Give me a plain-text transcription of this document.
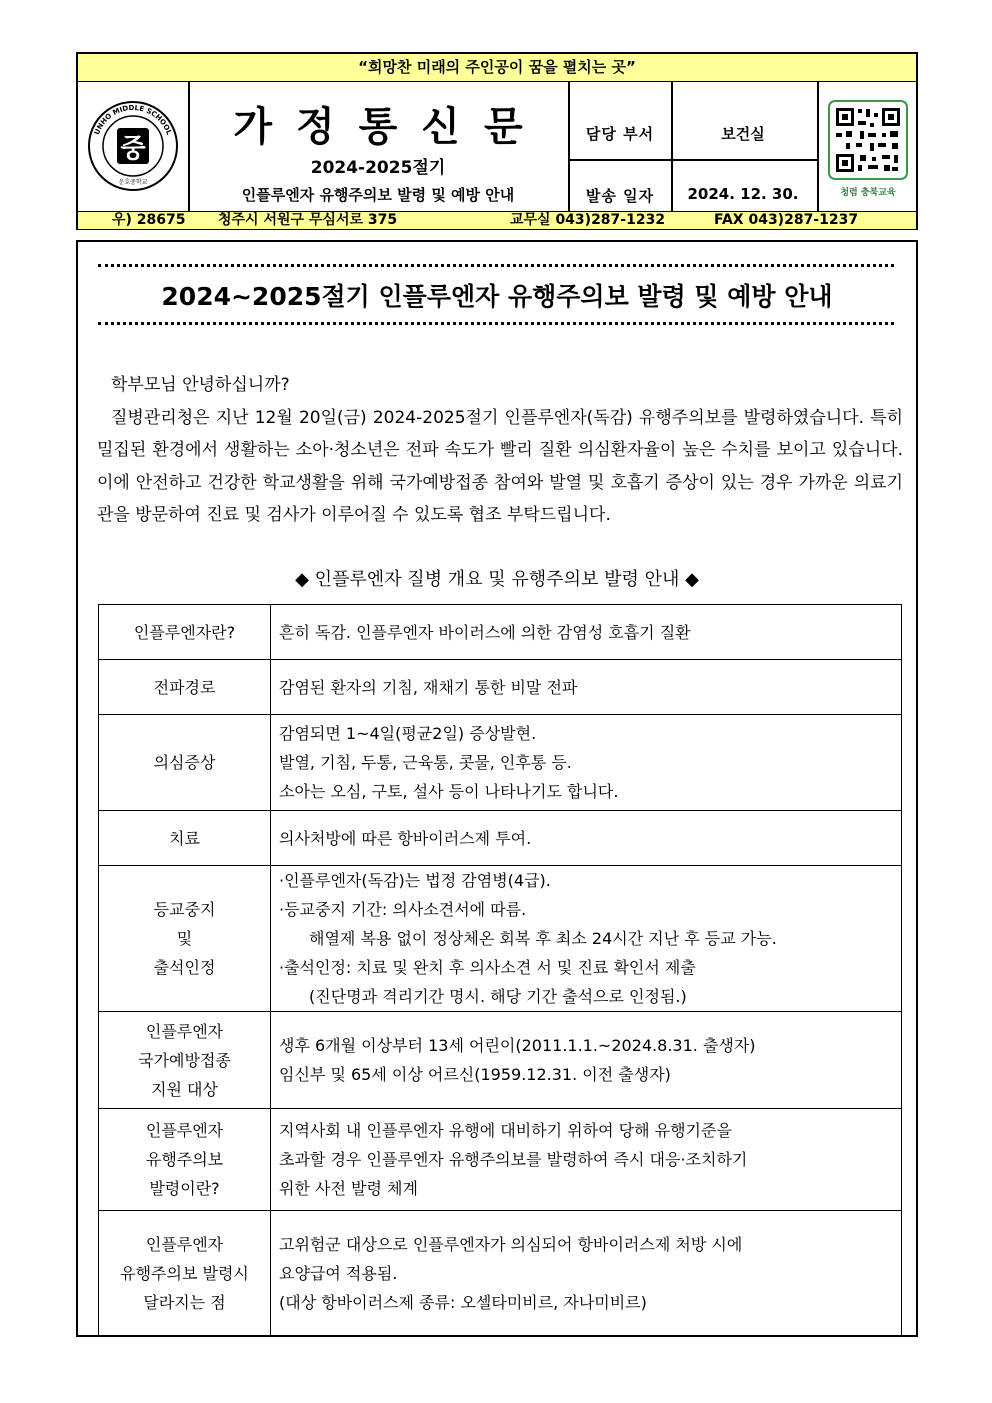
“희망찬 미래의 주인공이 꿈을 펼치는 곳”
UNHO MIDDLE SCHOOL
운호중학교
중	가정통신문
2024-2025절기
인플루엔자 유행주의보 발령 및 예방 안내
담당 부서	보건실
발송 일자	2024. 12. 30.	청렴 충북교육
우) 28675 청주시 서원구 무심서로 375	교무실 043)287-1232	FAX 043)287-1237
2024~2025절기 인플루엔자 유행주의보 발령 및 예방 안내

학부모님 안녕하십니까?

질병관리청은 지난 12월 20일(금) 2024-2025절기 인플루엔자(독감) 유행주의보를 발령하였습니다. 특히 밀집된 환경에서 생활하는 소아·청소년은 전파 속도가 빨리 질환 의심환자율이 높은 수치를 보이고 있습니다. 이에 안전하고 건강한 학교생활을 위해 국가예방접종 참여와 발열 및 호흡기 증상이 있는 경우 가까운 의료기관을 방문하여 진료 및 검사가 이루어질 수 있도록 협조 부탁드립니다.

◆ 인플루엔자 질병 개요 및 유행주의보 발령 안내 ◆
인플루엔자란?	흔히 독감. 인플루엔자 바이러스에 의한 감염성 호흡기 질환
전파경로	감염된 환자의 기침, 재채기 통한 비말 전파
의심증상	감염되면 1~4일(평균2일) 증상발현.
발열, 기침, 두통, 근육통, 콧물, 인후통 등.
소아는 오심, 구토, 설사 등이 나타나기도 합니다.

치료	의사처방에 따른 항바이러스제 투여.

등교중지
및
출석인정	·인플루엔자(독감)는 법정 감염병(4급).
·등교중지 기간: 의사소견서에 따름.
해열제 복용 없이 정상체온 회복 후 최소 24시간 지난 후 등교 가능.
·출석인정: 치료 및 완치 후 의사소견 서 및 진료 확인서 제출
(진단명과 격리기간 명시. 해당 기간 출석으로 인정됨.)

인플루엔자
국가예방접종
지원 대상	생후 6개월 이상부터 13세 어린이(2011.1.1.~2024.8.31. 출생자)
임신부 및 65세 이상 어르신(1959.12.31. 이전 출생자)

인플루엔자
유행주의보
발령이란?	지역사회 내 인플루엔자 유행에 대비하기 위하여 당해 유행기준을
초과할 경우 인플루엔자 유행주의보를 발령하여 즉시 대응·조치하기
위한 사전 발령 체계

인플루엔자
유행주의보 발령시
달라지는 점	고위험군 대상으로 인플루엔자가 의심되어 항바이러스제 처방 시에
요양급여 적용됨.
(대상 항바이러스제 종류: 오셀타미비르, 자나미비르)
